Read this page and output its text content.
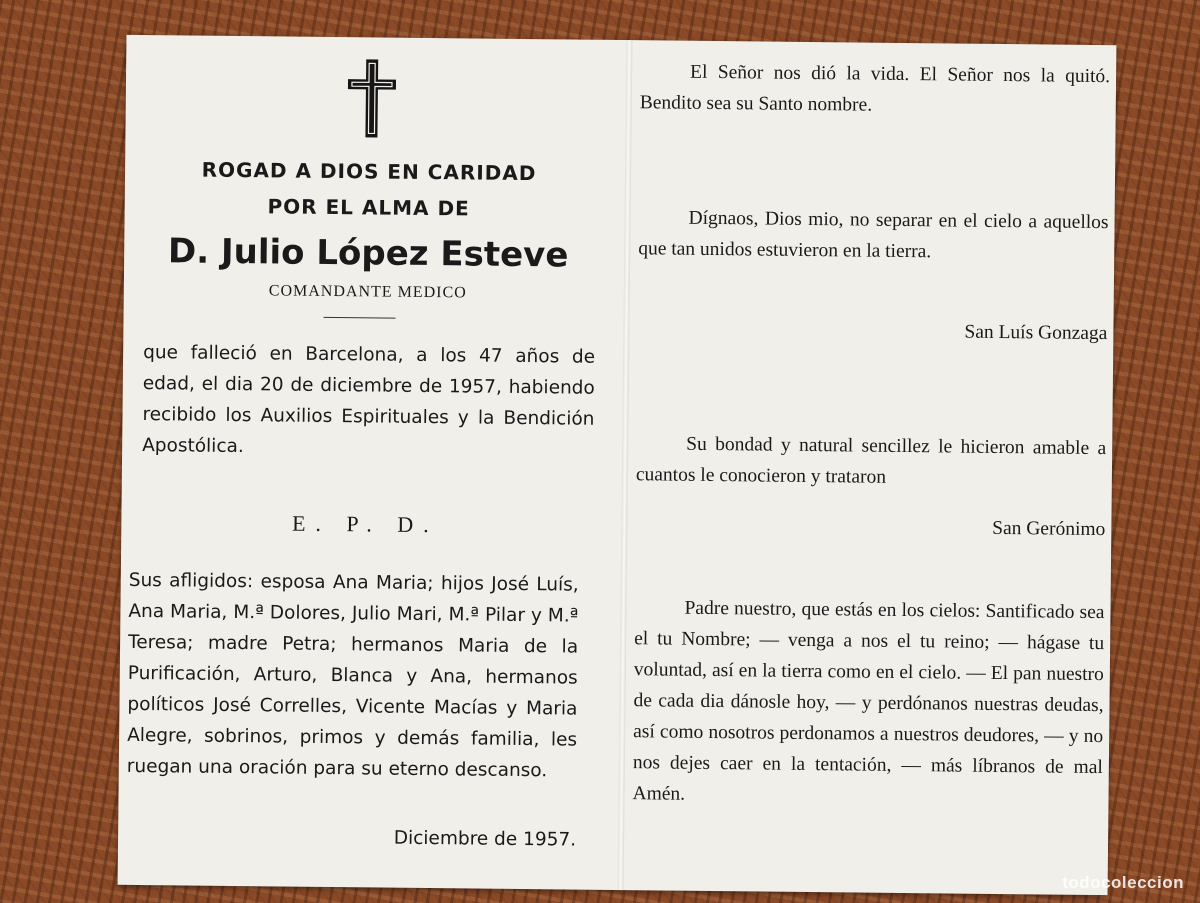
ROGAD A DIOS EN CARIDAD
POR EL ALMA DE
D. Julio López Esteve
COMANDANTE MEDICO
que falleció en Barcelona, a los 47 años de edad, el dia 20 de diciembre de 1957, habiendo recibido los Auxilios Espirituales y la Bendición Apostólica.
E. P. D.
Sus afligidos: esposa Ana Maria; hijos José Luís, Ana Maria, M.ª Dolores, Julio Mari, M.ª Pilar y M.ª Teresa; madre Petra; hermanos Maria de la Purificación, Arturo, Blanca y Ana, hermanos políticos José Correlles, Vicente Macías y Maria Alegre, sobrinos, primos y demás familia, les ruegan una oración para su eterno descanso.
Diciembre de 1957.
El Señor nos dió la vida. El Señor nos la quitó. Bendito sea su Santo nombre.
Dígnaos, Dios mio, no separar en el cielo a aquellos que tan unidos estuvieron en la tierra.
San Luís Gonzaga
Su bondad y natural sencillez le hicieron amable a cuantos le conocieron y trataron
San Gerónimo
Padre nuestro, que estás en los cielos: Santificado sea el tu Nombre; — venga a nos el tu reino; — hágase tu voluntad, así en la tierra como en el cielo. — El pan nuestro de cada dia dánosle hoy, — y perdónanos nuestras deudas, así como nosotros perdonamos a nuestros deudores, — y no nos dejes caer en la tentación, — más líbranos de mal Amén.
todocoleccion
